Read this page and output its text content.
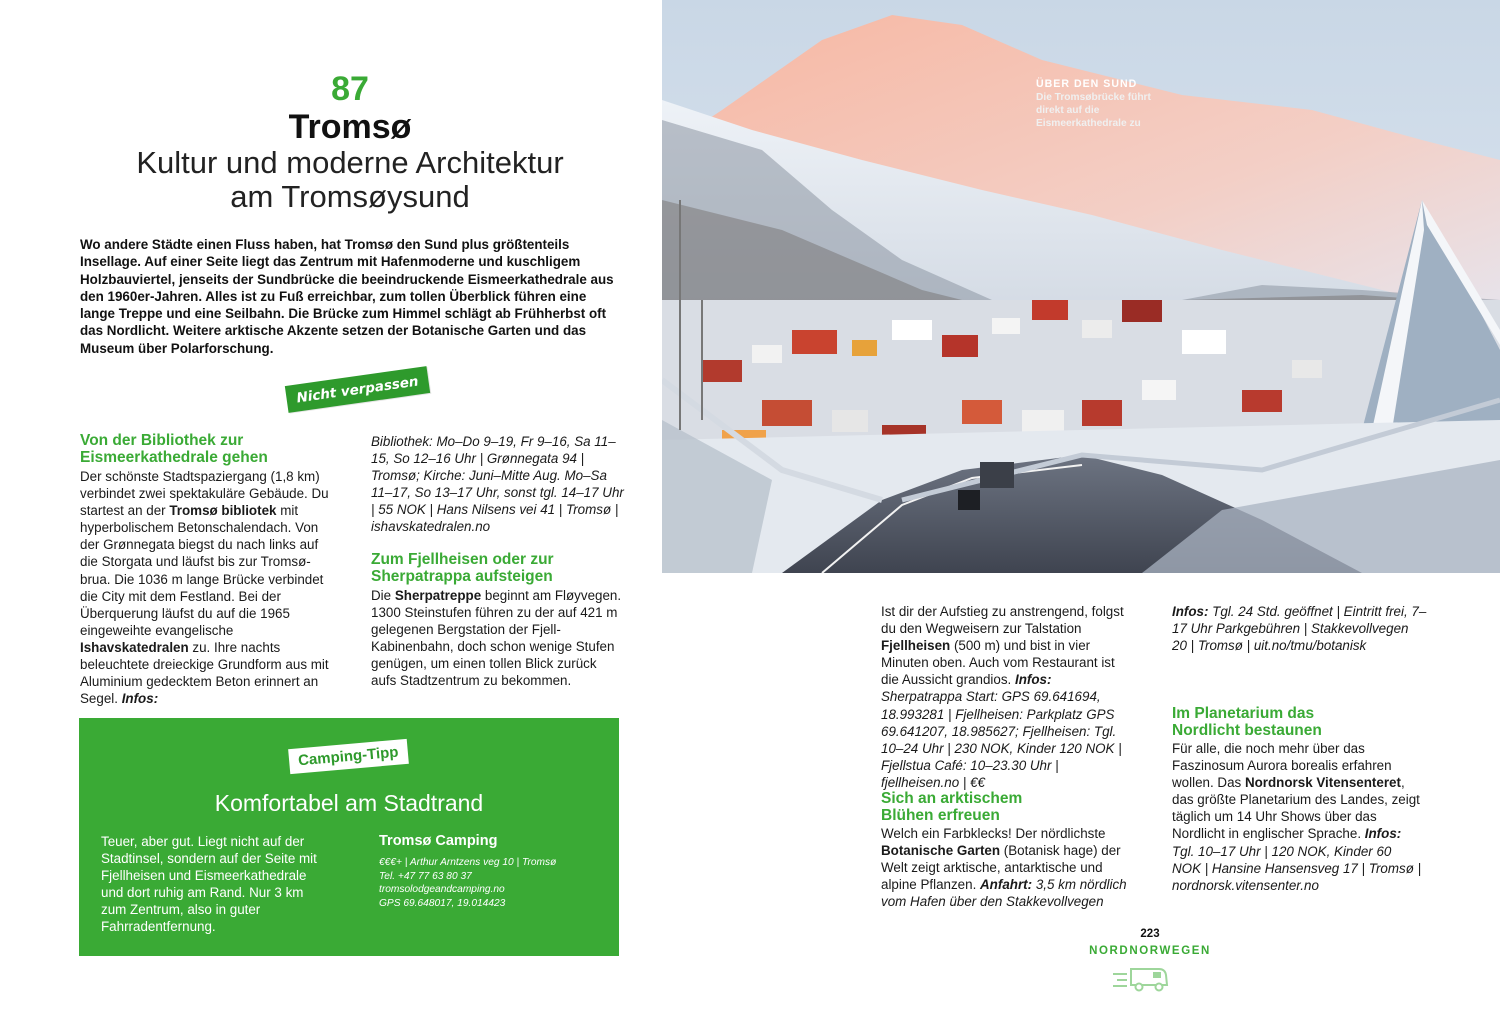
87
Tromsø
Kultur und moderne Architektur
am Tromsøysund
Wo andere Städte einen Fluss haben, hat Tromsø den Sund plus größtenteils Insellage. Auf einer Seite liegt das Zentrum mit Hafenmoderne und kuschligem Holzbauviertel, jenseits der Sundbrücke die beeindruckende Eismeerkathedrale aus den 1960er-Jahren. Alles ist zu Fuß erreichbar, zum tollen Überblick führen eine lange Treppe und eine Seilbahn. Die Brücke zum Himmel schlägt ab Frühherbst oft das Nordlicht. Weitere arktische Akzente setzen der Botanische Garten und das Museum über Polarforschung.
Nicht verpassen
Von der Bibliothek zur
Eismeerkathedrale gehen
Der schönste Stadtspaziergang (1,8 km) verbindet zwei spektakuläre Gebäude. Du startest an der Tromsø bibliotek mit hyperbolischem Betonschalendach. Von der Grønnegata biegst du nach links auf die Storgata und läufst bis zur Tromsøbrua. Die 1036 m lange Brücke verbindet die City mit dem Festland. Bei der Überquerung läufst du auf die 1965 eingeweihte evangelische Ishavskatedralen zu. Ihre nachts beleuchtete dreieckige Grundform aus mit Aluminium gedecktem Beton erinnert an Segel. Infos:
Bibliothek: Mo–Do 9–19, Fr 9–16, Sa 11–15, So 12–16 Uhr | Grønnegata 94 | Tromsø; Kirche: Juni–Mitte Aug. Mo–Sa 11–17, So 13–17 Uhr, sonst tgl. 14–17 Uhr | 55 NOK | Hans Nilsens vei 41 | Tromsø | ishavskatedralen.no
Zum Fjellheisen oder zur
Sherpatrappa aufsteigen
Die Sherpatreppe beginnt am Fløyvegen. 1300 Steinstufen führen zu der auf 421 m gelegenen Bergstation der Fjell-Kabinenbahn, doch schon wenige Stufen genügen, um einen tollen Blick zurück aufs Stadtzentrum zu bekommen.
Ist dir der Aufstieg zu anstrengend, folgst du den Wegweisern zur Talstation Fjellheisen (500 m) und bist in vier Minuten oben. Auch vom Restaurant ist die Aussicht grandios. Infos: Sherpatrappa Start: GPS 69.641694, 18.993281 | Fjellheisen: Parkplatz GPS 69.641207, 18.985627; Fjellheisen: Tgl. 10–24 Uhr | 230 NOK, Kinder 120 NOK | Fjellstua Café: 10–23.30 Uhr | fjellheisen.no | €€
Sich an arktischem
Blühen erfreuen
Welch ein Farbklecks! Der nördlichste Botanische Garten (Botanisk hage) der Welt zeigt arktische, antarktische und alpine Pflanzen. Anfahrt: 3,5 km nördlich vom Hafen über den Stakkevollvegen
Infos: Tgl. 24 Std. geöffnet | Eintritt frei, 7–17 Uhr Parkgebühren | Stakkevollvegen 20 | Tromsø | uit.no/tmu/botanisk
Im Planetarium das
Nordlicht bestaunen
Für alle, die noch mehr über das Faszinosum Aurora borealis erfahren wollen. Das Nordnorsk Vitensenteret, das größte Planetarium des Landes, zeigt täglich um 14 Uhr Shows über das Nordlicht in englischer Sprache. Infos: Tgl. 10–17 Uhr | 120 NOK, Kinder 60 NOK | Hansine Hansensveg 17 | Tromsø | nordnorsk.vitensenter.no
Camping-Tipp
Komfortabel am Stadtrand
Teuer, aber gut. Liegt nicht auf der Stadtinsel, sondern auf der Seite mit Fjellheisen und Eismeerkathedrale und dort ruhig am Rand. Nur 3 km zum Zentrum, also in guter Fahrradentfernung.
Tromsø Camping
€€€+ | Arthur Arntzens veg 10 | Tromsø
Tel. +47 77 63 80 37
tromsolodgeandcamping.no
GPS 69.648017, 19.014423
ÜBER DEN SUND
Die Tromsøbrücke führt direkt auf die Eismeerkathedrale zu
223
NORDNORWEGEN
